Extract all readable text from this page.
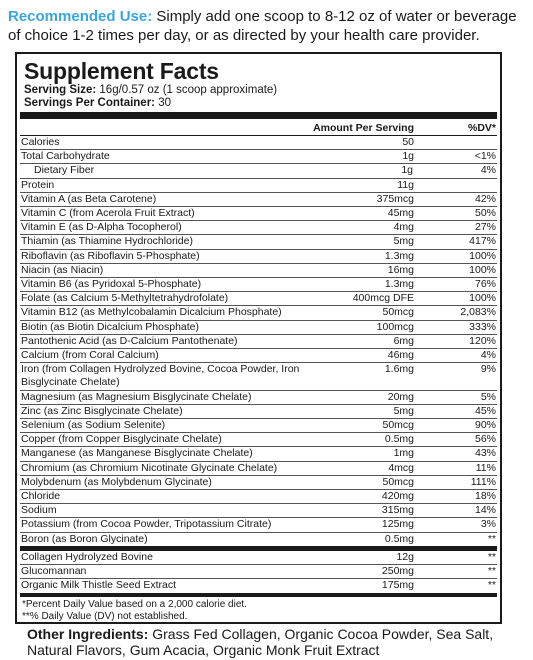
Recommended Use: Simply add one scoop to 8-12 oz of water or beverage of choice 1-2 times per day, or as directed by your health care provider.
Supplement Facts
Serving Size: 16g/0.57 oz (1 scoop approximate)
Servings Per Container: 30
Amount Per Serving	%DV*
Calories	50
Total Carbohydrate	1g	<1%
Dietary Fiber	1g	4%
Protein	11g
Vitamin A (as Beta Carotene)	375mcg	42%
Vitamin C (from Acerola Fruit Extract)	45mg	50%
Vitamin E (as D-Alpha Tocopherol)	4mg	27%
Thiamin (as Thiamine Hydrochloride)	5mg	417%
Riboflavin (as Riboflavin 5-Phosphate)	1.3mg	100%
Niacin (as Niacin)	16mg	100%
Vitamin B6 (as Pyridoxal 5-Phosphate)	1.3mg	76%
Folate (as Calcium 5-Methyltetrahydrofolate)	400mcg DFE	100%
Vitamin B12 (as Methylcobalamin Dicalcium Phosphate)	50mcg	2,083%
Biotin (as Biotin Dicalcium Phosphate)	100mcg	333%
Pantothenic Acid (as D-Calcium Pantothenate)	6mg	120%
Calcium (from Coral Calcium)	46mg	4%
Iron (from Collagen Hydrolyzed Bovine, Cocoa Powder, Iron Bisglycinate Chelate)
1.6mg	9%
Magnesium (as Magnesium Bisglycinate Chelate)	20mg	5%
Zinc (as Zinc Bisglycinate Chelate)	5mg	45%
Selenium (as Sodium Selenite)	50mcg	90%
Copper (from Copper Bisglycinate Chelate)	0.5mg	56%
Manganese (as Manganese Bisglycinate Chelate)	1mg	43%
Chromium (as Chromium Nicotinate Glycinate Chelate)	4mcg	11%
Molybdenum (as Molybdenum Glycinate)	50mcg	111%
Chloride	420mg	18%
Sodium	315mg	14%
Potassium (from Cocoa Powder, Tripotassium Citrate)	125mg	3%
Boron (as Boron Glycinate)	0.5mg	**
Collagen Hydrolyzed Bovine	12g	**
Glucomannan	250mg	**
Organic Milk Thistle Seed Extract	175mg	**
*Percent Daily Value based on a 2,000 calorie diet.
**% Daily Value (DV) not established.
Other Ingredients: Grass Fed Collagen, Organic Cocoa Powder, Sea Salt, Natural Flavors, Gum Acacia, Organic Monk Fruit Extract
